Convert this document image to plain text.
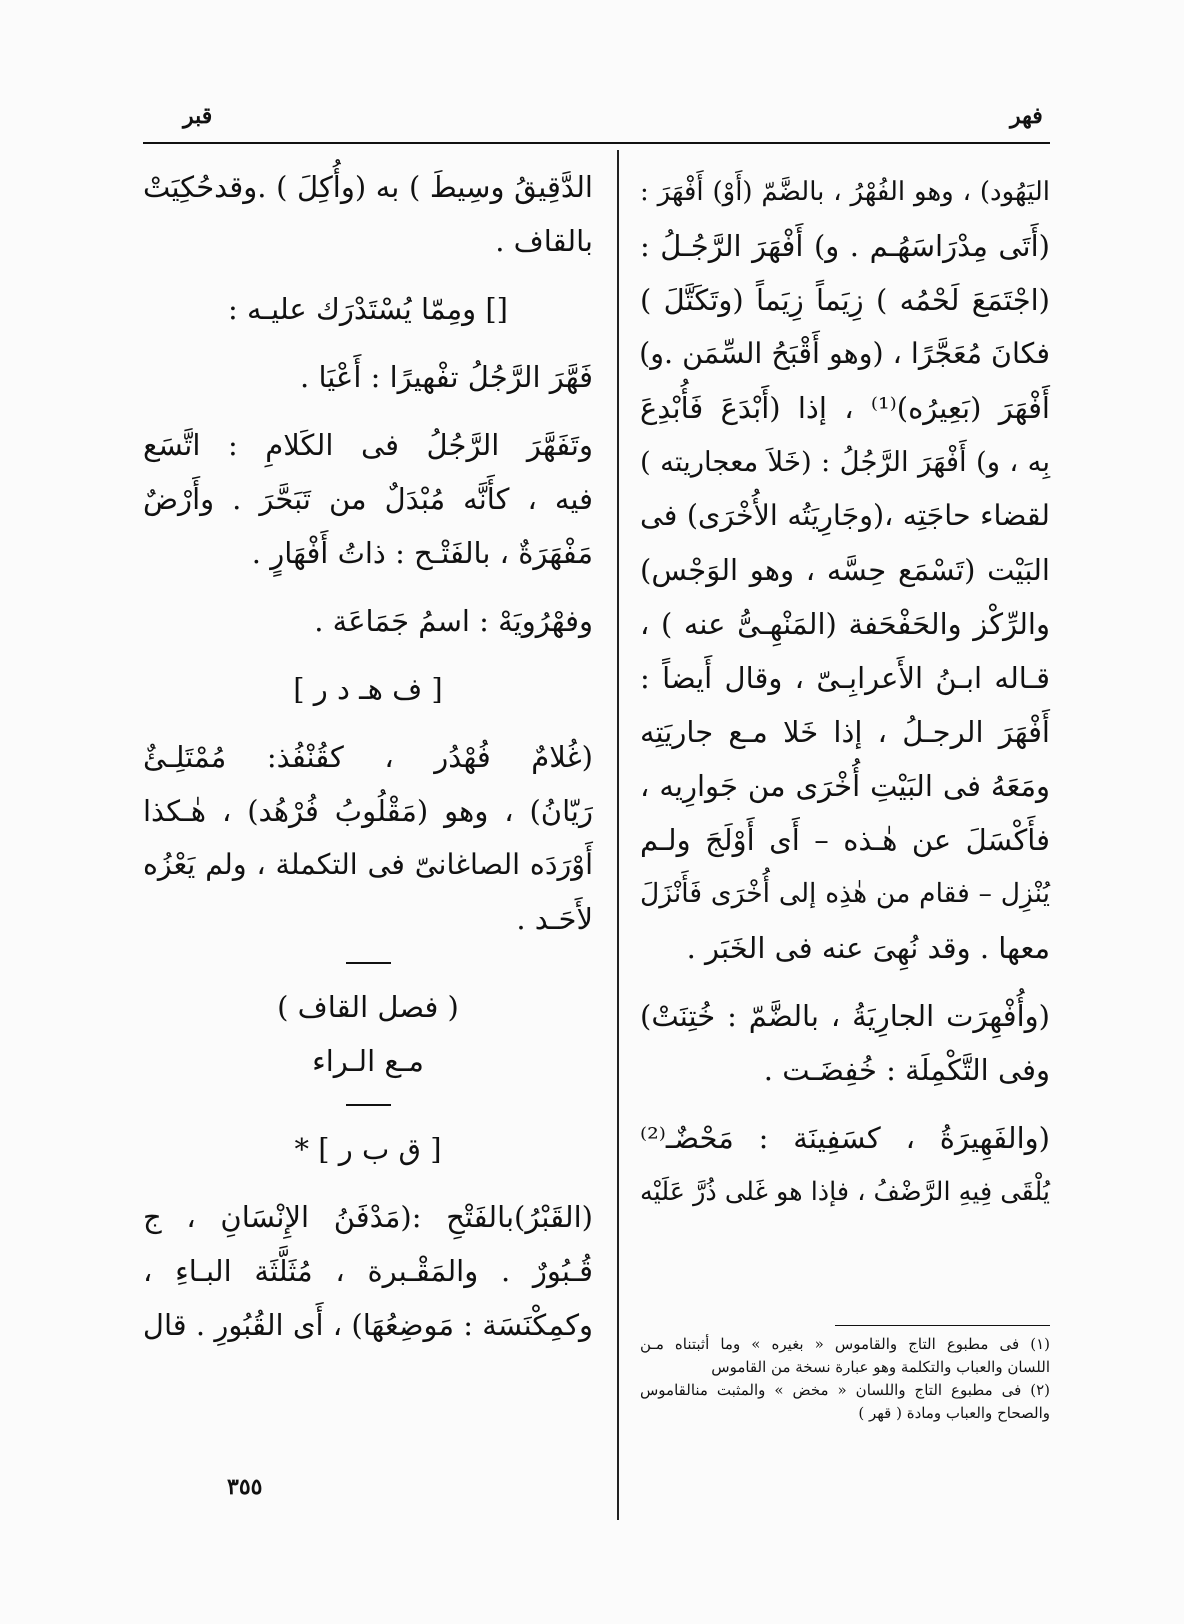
فهر
قبر
اليَهُود) ، وهو الفُهْرُ ، بالضَّمّ (أَوْ) أَفْهَرَ :
(أَتَى مِدْرَاسَهُـم . و) أَفْهَرَ الرَّجُـلُ :
(اجْتَمَعَ لَحْمُه ) زِيَماً زِيَماً (وتَكَتَّلَ )
فكانَ مُعَجَّرًا ، (وهو أَقْبَحُ السِّمَن .و)
أَفْهَرَ (بَعِيرُه)⁽¹⁾ ، إذا (أَبْدَعَ فَأُبْدِعَ
بِه ، و) أَفْهَرَ الرَّجُلُ : (خَلاَ معجاريته )
لقضاء حاجَتِه ،(وجَارِيَتُه الأُخْرَى) فى
البَيْت (تَسْمَع حِسَّه ، وهو الوَجْس)
والرِّكْز والحَفْحَفة (المَنْهِـىُّ عنه ) ،
قـاله ابـنُ الأَعرابِـىّ ، وقال أَيضاً :
أَفْهَرَ الرجـلُ ، إذا خَلا مـع جاريَتِه
ومَعَهُ فى البَيْتِ أُخْرَى من جَوارِيه ،
فأَكْسَلَ عن هٰـذه – أَى أَوْلَجَ ولـم
يُنْزِل – فقام من هٰذِه إلى أُخْرَى فَأَنْزَلَ
معها . وقد نُهِىَ عنه فى الخَبَر .
(وأُفْهِرَت الجارِيَةُ ، بالضَّمّ : خُتِنَتْ)
وفى التَّكْمِلَة : خُفِضَـت .
(والفَهِيرَةُ ، كسَفِينَة : مَحْضٌـ⁽²⁾
يُلْقَى فِيهِ الرَّضْفُ ، فإذا هو غَلى ذُرَّ عَلَيْه
(١) فى مطبوع التاج والقاموس « بغيره » وما أثبتناه مـن
اللسان والعباب والتكلمة وهو عبارة نسخة من القاموس
(٢) فى مطبوع التاج واللسان « مخض » والمثبت منالقاموس
والصحاح والعباب ومادة ( قهر )
الدَّقِيقُ وسِيطَ ) به (وأُكِلَ ) .وقدحُكِيَتْ
بالقاف .
[] ومِمّا يُسْتَدْرَك عليـه :
فَهَّرَ الرَّجُلُ تفْهيرًا : أَعْيَا .
وتَفَهَّرَ الرَّجُلُ فى الكَلامِ : اتَّسَع
فيه ، كأَنَّه مُبْدَلٌ من تَبَحَّرَ . وأَرْضٌ
مَفْهَرَةٌ ، بالفَتْـح : ذاتُ أَفْهَارٍ .
وفهْرُويَهْ : اسمُ جَمَاعَة .
[ ف هـ د ر ]
(غُلامٌ فُهْدُر ، كقُنْفُذ: مُمْتَلِـئٌ
رَيّانُ) ، وهو (مَقْلُوبُ فُرْهُد) ، هٰـكذا
أَوْرَدَه الصاغانىّ فى التكملة ، ولم يَعْزُه
لأَحَـد .
( فصل القاف )
مـع الـراء
[ ق ب ر ] *
(القَبْرُ)بالفَتْحِ :(مَدْفَنُ الإِنْسَانِ ، ج
قُـبُورٌ . والمَقْـبرة ، مُثَلَّثَة البـاءِ ،
وكمِكْنَسَة : مَوضِعُهَا) ، أَى القُبُورِ . قال
٣٥٥
